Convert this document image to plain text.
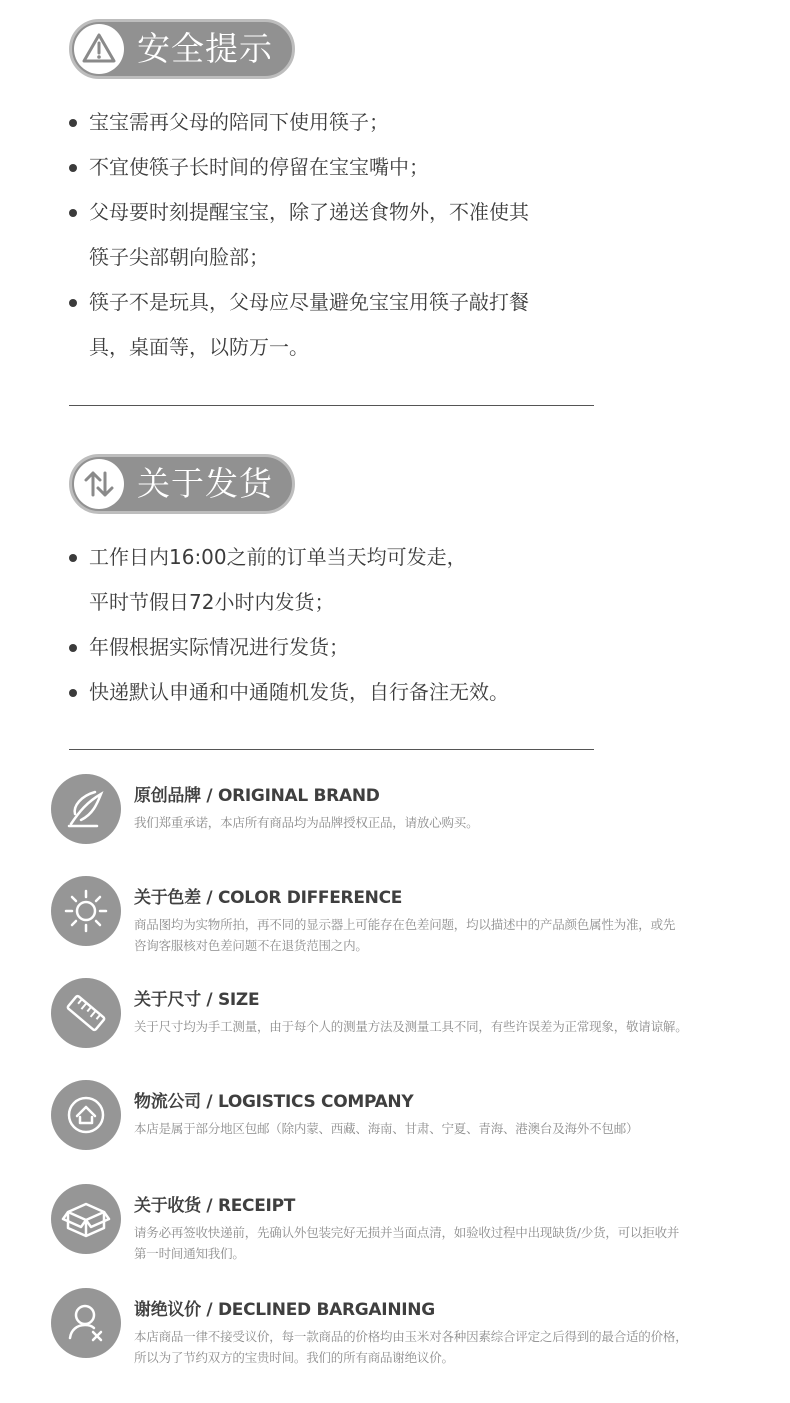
安全提示
宝宝需再父母的陪同下使用筷子；
不宜使筷子长时间的停留在宝宝嘴中；
父母要时刻提醒宝宝，除了递送食物外，不准使其
筷子尖部朝向脸部；
筷子不是玩具，父母应尽量避免宝宝用筷子敲打餐
具，桌面等，以防万一。
关于发货
工作日内16:00之前的订单当天均可发走，
平时节假日72小时内发货；
年假根据实际情况进行发货；
快递默认申通和中通随机发货，自行备注无效。
原创品牌 / ORIGINAL BRAND
我们郑重承诺，本店所有商品均为品牌授权正品，请放心购买。
关于色差 / COLOR DIFFERENCE
商品图均为实物所拍，再不同的显示器上可能存在色差问题，均以描述中的产品颜色属性为准，或先
咨询客服核对色差问题不在退货范围之内。
关于尺寸 / SIZE
关于尺寸均为手工测量，由于每个人的测量方法及测量工具不同，有些许误差为正常现象，敬请谅解。
物流公司 / LOGISTICS COMPANY
本店是属于部分地区包邮（除内蒙、西藏、海南、甘肃、宁夏、青海、港澳台及海外不包邮）
关于收货 / RECEIPT
请务必再签收快递前，先确认外包装完好无损并当面点清，如验收过程中出现缺货/少货，可以拒收并
第一时间通知我们。
谢绝议价 / DECLINED BARGAINING
本店商品一律不接受议价，每一款商品的价格均由玉米对各种因素综合评定之后得到的最合适的价格，
所以为了节约双方的宝贵时间。我们的所有商品谢绝议价。
